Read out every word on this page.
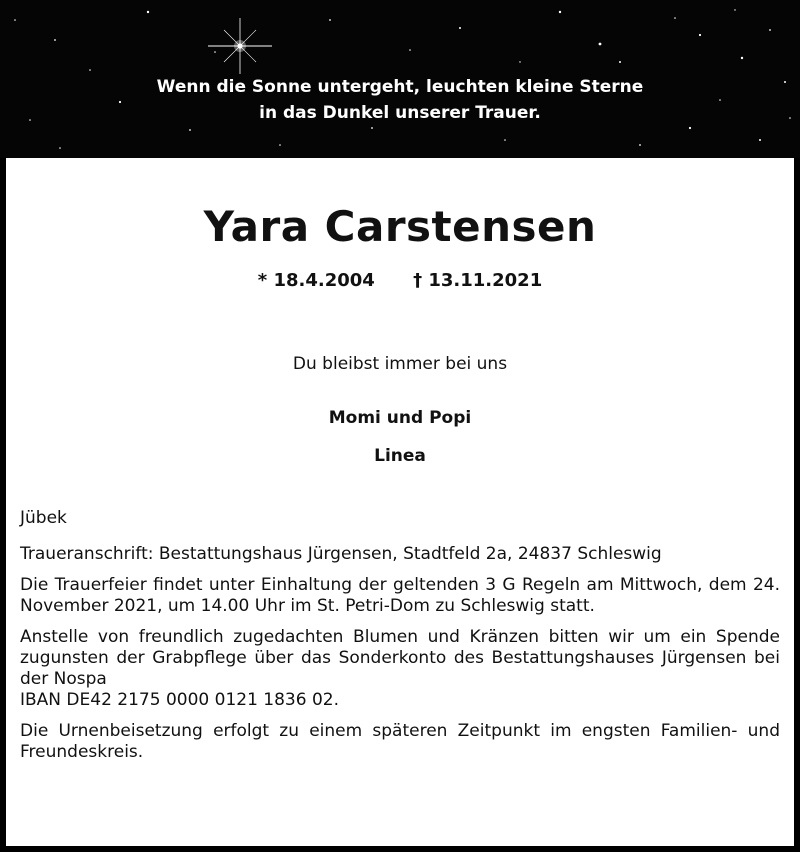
Wenn die Sonne untergeht, leuchten kleine Sterne
in das Dunkel unserer Trauer.
Yara Carstensen
* 18.4.2004 † 13.11.2021
Du bleibst immer bei uns
Momi und Popi
Linea
Jübek

Traueranschrift: Bestattungshaus Jürgensen, Stadtfeld 2a, 24837 Schleswig

Die Trauerfeier findet unter Einhaltung der geltenden 3 G Regeln am Mittwoch, dem 24. November 2021, um 14.00 Uhr im St. Petri-Dom zu Schleswig statt.

Anstelle von freundlich zugedachten Blumen und Kränzen bitten wir um ein Spende zugunsten der Grabpflege über das Sonderkonto des Bestattungshauses Jürgensen bei der Nospa

IBAN DE42 2175 0000 0121 1836 02.

Die Urnenbeisetzung erfolgt zu einem späteren Zeitpunkt im engsten Familien- und Freundeskreis.
